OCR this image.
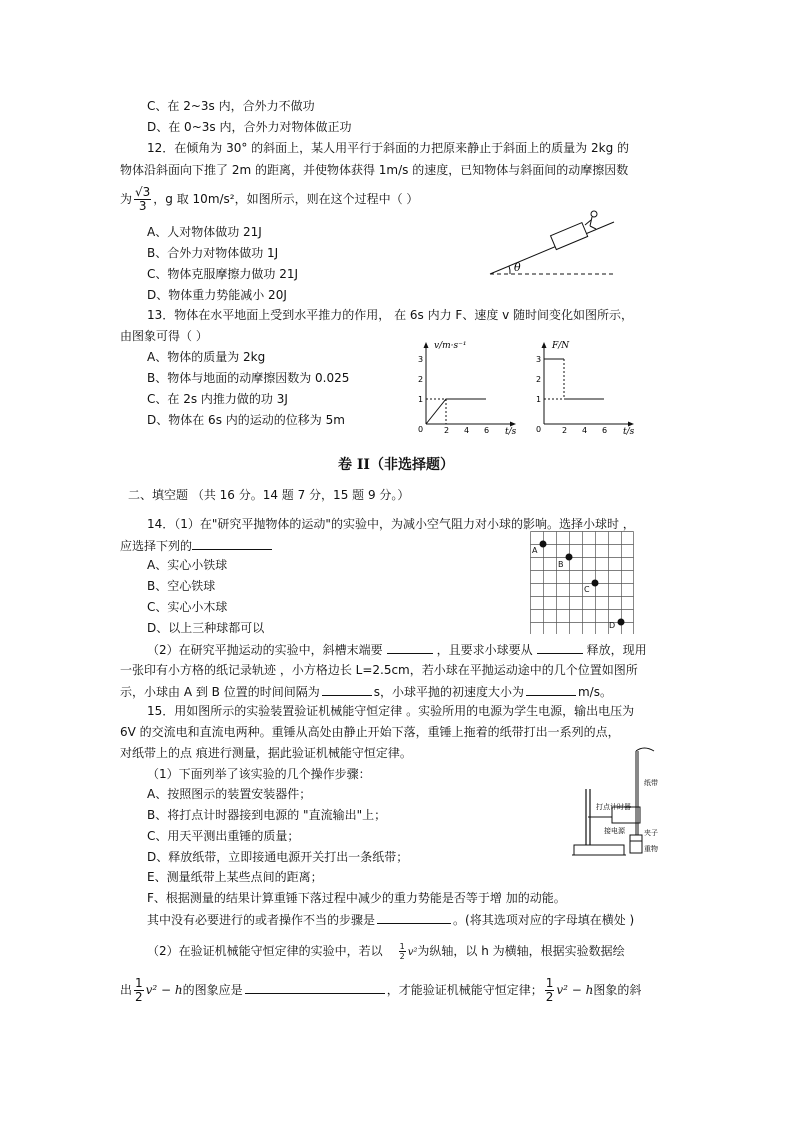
C、在 2~3s 内，合外力不做功
D、在 0~3s 内，合外力对物体做正功
12．在倾角为 30° 的斜面上，某人用平行于斜面的力把原来静止于斜面上的质量为 2kg 的
物体沿斜面向下推了 2m 的距离，并使物体获得 1m/s 的速度，已知物体与斜面间的动摩擦因数
为 $\frac{√3}{3}$ ，g 取 10m/s²，如图所示，则在这个过程中（ ）
A、人对物体做功 21J
B、合外力对物体做功 1J
C、物体克服摩擦力做功 21J
D、物体重力势能减小 20J
θ
13．物体在水平地面上受到水平推力的作用， 在 6s 内力 F、速度 v 随时间变化如图所示，
由图象可得（ ）
A、物体的质量为 2kg
B、物体与地面的动摩擦因数为 0.025
C、在 2s 内推力做的功 3J
D、物体在 6s 内的运动的位移为 5m
v/m·s⁻¹
t/s
3
2
1
0	2 4 6
F/N
t/s
3
2
1
0	2 4 6
卷 II（非选择题）
二、填空题 （共 16 分。14 题 7 分，15 题 9 分。）
14．（1）在"研究平抛物体的运动"的实验中，为减小空气阻力对小球的影响。选择小球时 ，
应选择下列的
A、实心小铁球
B、空心铁球
C、实心小木球
D、以上三种球都可以
A
B
C
D
（2）在研究平抛运动的实验中，斜槽末端要	，且要求小球要从	释放，现用
一张印有小方格的纸记录轨迹 ，小方格边长 L=2.5cm，若小球在平抛运动途中的几个位置如图所
示，小球由 A 到 B 位置的时间间隔为	s，小球平抛的初速度大小为	m/s。
15．用如图所示的实验装置验证机械能守恒定律 。实验所用的电源为学生电源，输出电压为
6V 的交流电和直流电两种。重锤从高处由静止开始下落，重锤上拖着的纸带打出一系列的点，
对纸带上的点 痕进行测量，据此验证机械能守恒定律。
（1）下面列举了该实验的几个操作步骤：
A、按照图示的装置安装器件；
B、将打点计时器接到电源的 "直流输出"上；
C、用天平测出重锤的质量；
D、释放纸带，立即接通电源开关打出一条纸带；
E、测量纸带上某些点间的距离；
F、根据测量的结果计算重锤下落过程中减少的重力势能是否等于增 加的动能。
其中没有必要进行的或者操作不当的步骤是	。(将其选项对应的字母填在横处 )
打点计时器
纸带
接电源	夹子
重物
（2）在验证机械能守恒定律的实验中，若以 $\frac{1}{2} v^2$为纵轴，以 h 为横轴，根据实验数据绘
出 $\frac{1}{2} v^2 - h$的图象应是	，才能验证机械能守恒定律； $\frac{1}{2} v^2 - h$图象的斜
